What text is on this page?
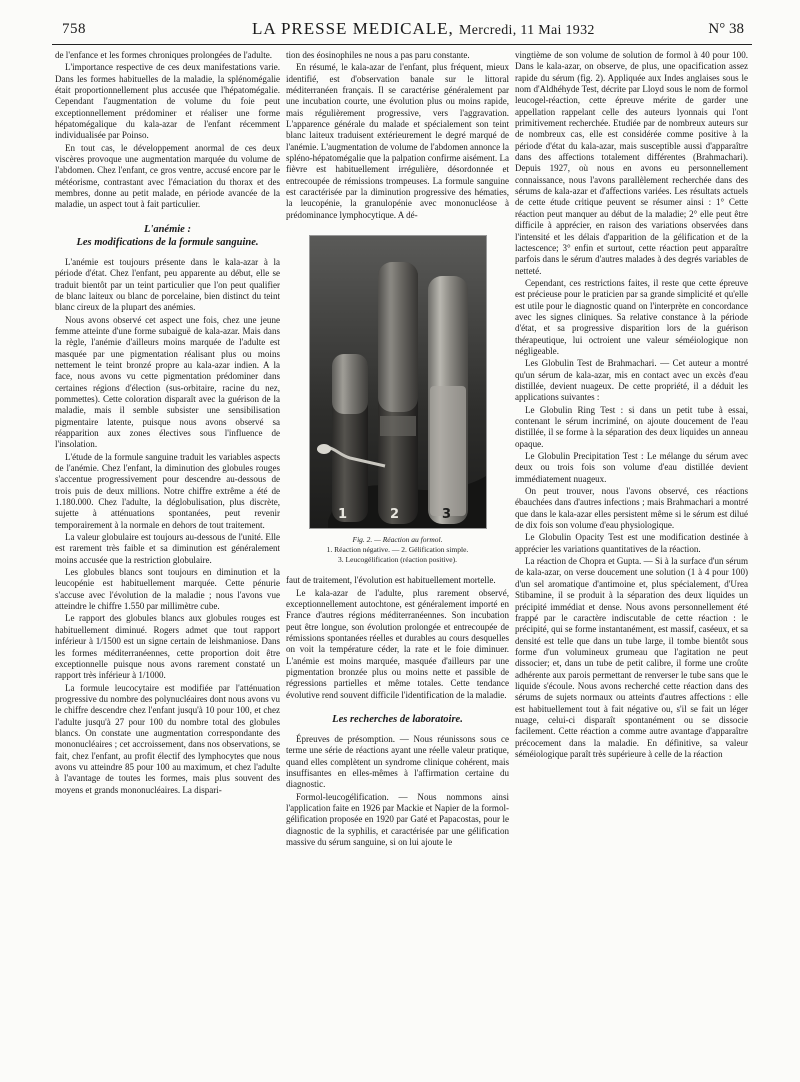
758	LA PRESSE MEDICALE, Mercredi, 11 Mai 1932	N° 38

de l'enfance et les formes chroniques prolongées de l'adulte.

L'importance respective de ces deux manifestations varie. Dans les formes habituelles de la maladie, la splénomégalie était proportionnellement plus accusée que l'hépatomégalie. Cependant l'augmentation de volume du foie peut exceptionnellement prédominer et réaliser une forme hépatomégalique du kala-azar de l'enfant récemment individualisée par Poinso.

En tout cas, le développement anormal de ces deux viscères provoque une augmentation marquée du volume de l'abdomen. Chez l'enfant, ce gros ventre, accusé encore par le météorisme, contrastant avec l'émaciation du thorax et des membres, donne au petit malade, en période avancée de la maladie, un aspect tout à fait particulier.

L'anémie :
Les modifications de la formule sanguine.

L'anémie est toujours présente dans le kala-azar à la période d'état. Chez l'enfant, peu apparente au début, elle se traduit bientôt par un teint particulier que l'on peut qualifier de blanc laiteux ou blanc de porcelaine, bien distinct du teint blanc cireux de la plupart des anémies.

Nous avons observé cet aspect une fois, chez une jeune femme atteinte d'une forme subaiguë de kala-azar. Mais dans la règle, l'anémie d'ailleurs moins marquée de l'adulte est masquée par une pigmentation réalisant plus ou moins nettement le teint bronzé propre au kala-azar indien. A la face, nous avons vu cette pigmentation prédominer dans certaines régions d'élection (sus-orbitaire, racine du nez, pommettes). Cette coloration disparaît avec la guérison de la maladie, mais il semble subsister une sensibilisation pigmentaire latente, puisque nous avons observé sa réapparition aux zones électives sous l'influence de l'insolation.

L'étude de la formule sanguine traduit les variables aspects de l'anémie. Chez l'enfant, la diminution des globules rouges s'accentue progressivement pour descendre au-dessous de trois puis de deux millions. Notre chiffre extrême a été de 1.180.000. Chez l'adulte, la déglobulisation, plus discrète, sujette à atténuations spontanées, peut revenir temporairement à la normale en dehors de tout traitement.

La valeur globulaire est toujours au-dessous de l'unité. Elle est rarement très faible et sa diminution est généralement moins accusée que la restriction globulaire.

Les globules blancs sont toujours en diminution et la leucopénie est habituellement marquée. Cette pénurie s'accuse avec l'évolution de la maladie ; nous l'avons vue atteindre le chiffre 1.550 par millimètre cube.

Le rapport des globules blancs aux globules rouges est habituellement diminué. Rogers admet que tout rapport inférieur à 1/1500 est un signe certain de leishmaniose. Dans les formes méditerranéennes, cette proportion doit être exceptionnelle puisque nous avons rarement constaté un rapport très inférieur à 1/1000.

La formule leucocytaire est modifiée par l'atténuation progressive du nombre des polynucléaires dont nous avons vu le chiffre descendre chez l'enfant jusqu'à 10 pour 100, et chez l'adulte jusqu'à 27 pour 100 du nombre total des globules blancs. On constate une augmentation correspondante des mononucléaires ; cet accroissement, dans nos observations, se fait, chez l'enfant, au profit électif des lymphocytes que nous avons vu atteindre 85 pour 100 au maximum, et chez l'adulte à l'avantage de toutes les formes, mais plus souvent des moyens et grands mononucléaires. La dispari-

tion des éosinophiles ne nous a pas paru constante.

En résumé, le kala-azar de l'enfant, plus fréquent, mieux identifié, est d'observation banale sur le littoral méditerranéen français. Il se caractérise généralement par une incubation courte, une évolution plus ou moins rapide, mais régulièrement progressive, vers l'aggravation. L'apparence générale du malade et spécialement son teint blanc laiteux traduisent extérieurement le degré marqué de l'anémie. L'augmentation de volume de l'abdomen annonce la spléno-hépatomégalie que la palpation confirme aisément. La fièvre est habituellement irrégulière, désordonnée et entrecoupée de rémissions trompeuses. La formule sanguine est caractérisée par la diminution progressive des hématies, la leucopénie, la granulopénie avec mononucléose à prédominance lymphocytique. A dé-

1	2	3
Fig. 2. — Réaction au formol.
1. Réaction négative. — 2. Gélification simple.
3. Leucogélification (réaction positive).

faut de traitement, l'évolution est habituellement mortelle.

Le kala-azar de l'adulte, plus rarement observé, exceptionnellement autochtone, est généralement importé en France d'autres régions méditerranéennes. Son incubation peut être longue, son évolution prolongée et entrecoupée de rémissions spontanées réelles et durables au cours desquelles on voit la température céder, la rate et le foie diminuer. L'anémie est moins marquée, masquée d'ailleurs par une pigmentation bronzée plus ou moins nette et passible de régressions partielles et même totales. Cette tendance évolutive rend souvent difficile l'identification de la maladie.

Les recherches de laboratoire.

Épreuves de présomption. — Nous réunissons sous ce terme une série de réactions ayant une réelle valeur pratique, quand elles complètent un syndrome clinique cohérent, mais insuffisantes en elles-mêmes à l'affirmation certaine du diagnostic.

Formol-leucogélification. — Nous nommons ainsi l'application faite en 1926 par Mackie et Napier de la formol-gélification proposée en 1920 par Gaté et Papacostas, pour le diagnostic de la syphilis, et caractérisée par une gélification massive du sérum sanguine, si on lui ajoute le

vingtième de son volume de solution de formol à 40 pour 100. Dans le kala-azar, on observe, de plus, une opacification assez rapide du sérum (fig. 2). Appliquée aux Indes anglaises sous le nom d'Aldhéhyde Test, décrite par Lloyd sous le nom de formol leucogel-réaction, cette épreuve mérite de garder une appellation rappelant celle des auteurs lyonnais qui l'ont primitivement recherchée. Etudiée par de nombreux auteurs sur de nombreux cas, elle est considérée comme positive à la période d'état du kala-azar, mais susceptible aussi d'apparaître dans des affections totalement différentes (Brahmachari). Depuis 1927, où nous en avons eu personnellement connaissance, nous l'avons parallèlement recherchée dans des sérums de kala-azar et d'affections variées. Les résultats actuels de cette étude critique peuvent se résumer ainsi : 1° Cette réaction peut manquer au début de la maladie; 2° elle peut être difficile à apprécier, en raison des variations observées dans l'intensité et les délais d'apparition de la gélification et de la lactescence; 3° enfin et surtout, cette réaction peut apparaître parfois dans le sérum d'autres malades à des degrés variables de netteté.

Cependant, ces restrictions faites, il reste que cette épreuve est précieuse pour le praticien par sa grande simplicité et qu'elle est utile pour le diagnostic quand on l'interprète en concordance avec les signes cliniques. Sa relative constance à la période d'état, et sa progressive disparition lors de la guérison thérapeutique, lui octroient une valeur séméiologique non négligeable.

Les Globulin Test de Brahmachari. — Cet auteur a montré qu'un sérum de kala-azar, mis en contact avec un excès d'eau distillée, devient nuageux. De cette propriété, il a déduit les applications suivantes :

Le Globulin Ring Test : si dans un petit tube à essai, contenant le sérum incriminé, on ajoute doucement de l'eau distillée, il se forme à la séparation des deux liquides un anneau opaque.

Le Globulin Precipitation Test : Le mélange du sérum avec deux ou trois fois son volume d'eau distillée devient immédiatement nuageux.

On peut trouver, nous l'avons observé, ces réactions ébauchées dans d'autres infections ; mais Brahmachari a montré que dans le kala-azar elles persistent même si le sérum est dilué de dix fois son volume d'eau physiologique.

Le Globulin Opacity Test est une modification destinée à apprécier les variations quantitatives de la réaction.

La réaction de Chopra et Gupta. — Si à la surface d'un sérum de kala-azar, on verse doucement une solution (1 à 4 pour 100) d'un sel aromatique d'antimoine et, plus spécialement, d'Urea Stibamine, il se produit à la séparation des deux liquides un précipité immédiat et dense. Nous avons personnellement été frappé par le caractère indiscutable de cette réaction : le précipité, qui se forme instantanément, est massif, caséeux, et sa densité est telle que dans un tube large, il tombe bientôt sous forme d'un volumineux grumeau que l'agitation ne peut dissocier; et, dans un tube de petit calibre, il forme une croûte adhérente aux parois permettant de renverser le tube sans que le liquide s'écoule. Nous avons recherché cette réaction dans des sérums de sujets normaux ou atteints d'autres affections : elle est habituellement tout à fait négative ou, s'il se fait un léger nuage, celui-ci disparaît spontanément ou se dissocie facilement. Cette réaction a comme autre avantage d'apparaître précocement dans la maladie. En définitive, sa valeur séméiologique paraît très supérieure à celle de la réaction
